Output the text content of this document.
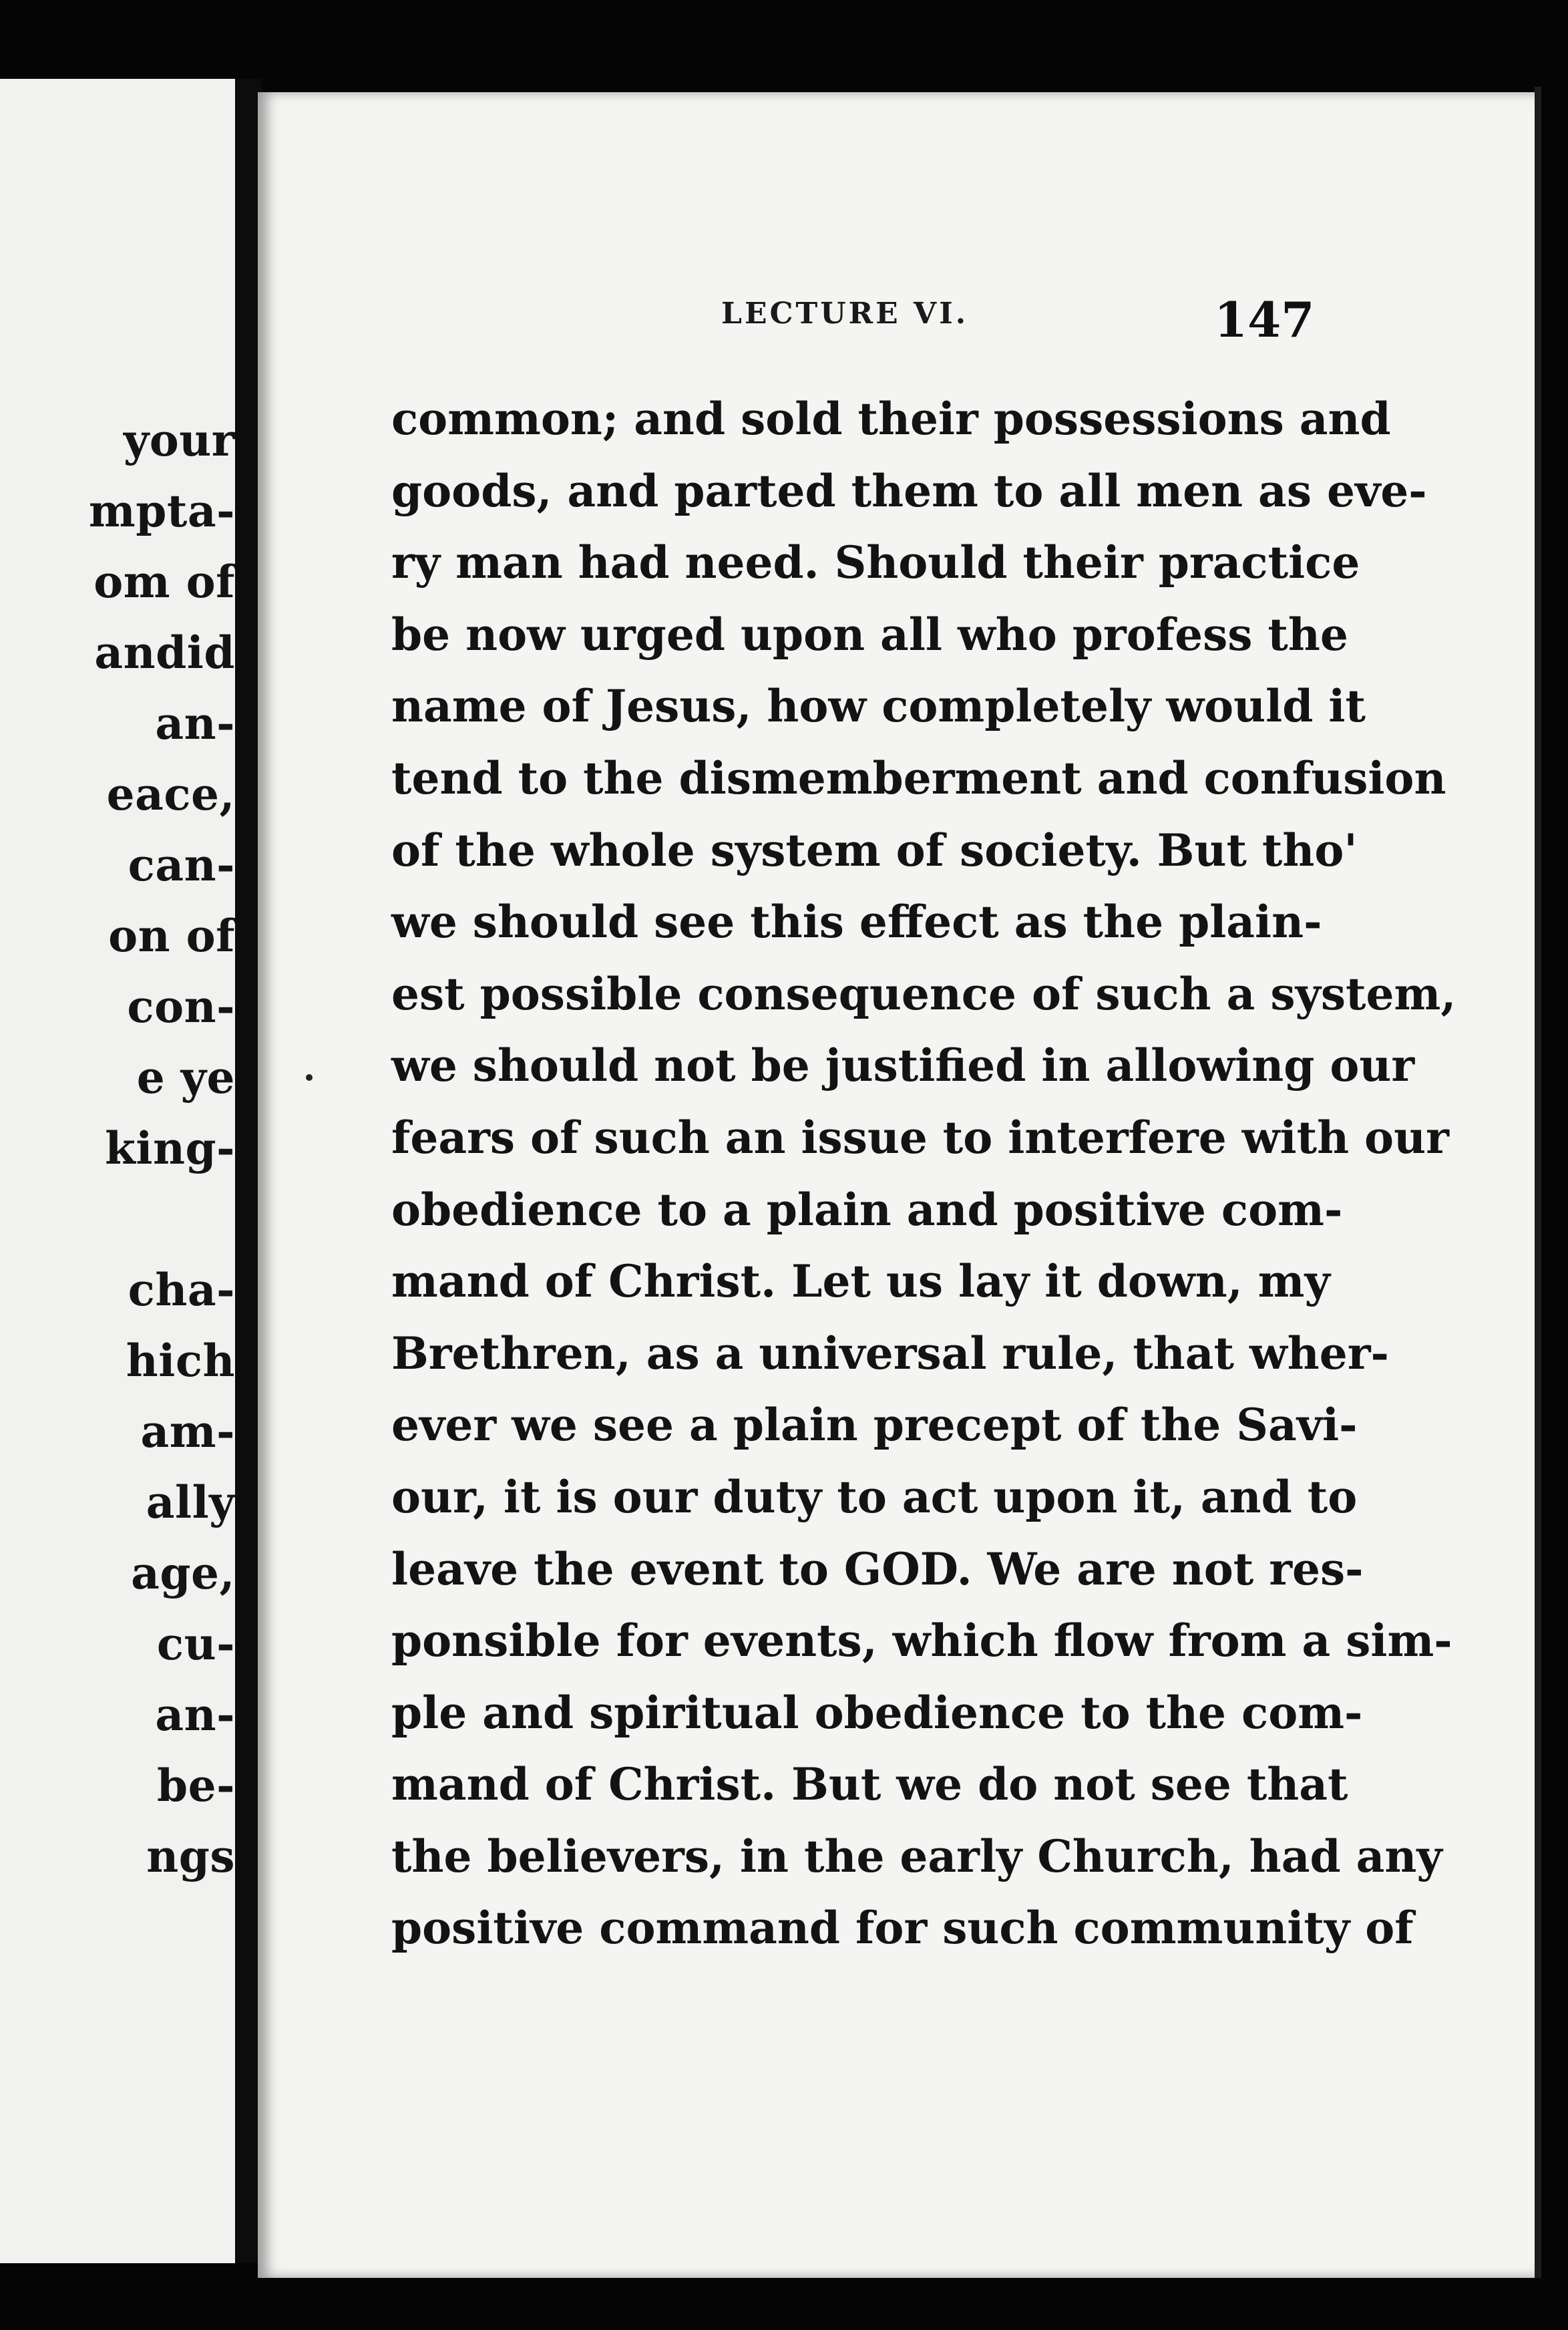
your

mpta-

om of

andid

an-

eace,

can-

on of

con-

e ye

king-

cha-

hich

am-

ally

age,

cu-

an-

be-

ngs

LECTURE VI.	147

common; and sold their possessions and
goods, and parted them to all men as eve-
ry man had need. Should their practice
be now urged upon all who profess the
name of Jesus, how completely would it
tend to the dismemberment and confusion
of the whole system of society. But tho'
we should see this effect as the plain-
est possible consequence of such a system,
we should not be justified in allowing our
fears of such an issue to interfere with our
obedience to a plain and positive com-
mand of Christ. Let us lay it down, my
Brethren, as a universal rule, that wher-
ever we see a plain precept of the Savi-
our, it is our duty to act upon it, and to
leave the event to GOD. We are not res-
ponsible for events, which flow from a sim-
ple and spiritual obedience to the com-
mand of Christ. But we do not see that
the believers, in the early Church, had any
positive command for such community of
